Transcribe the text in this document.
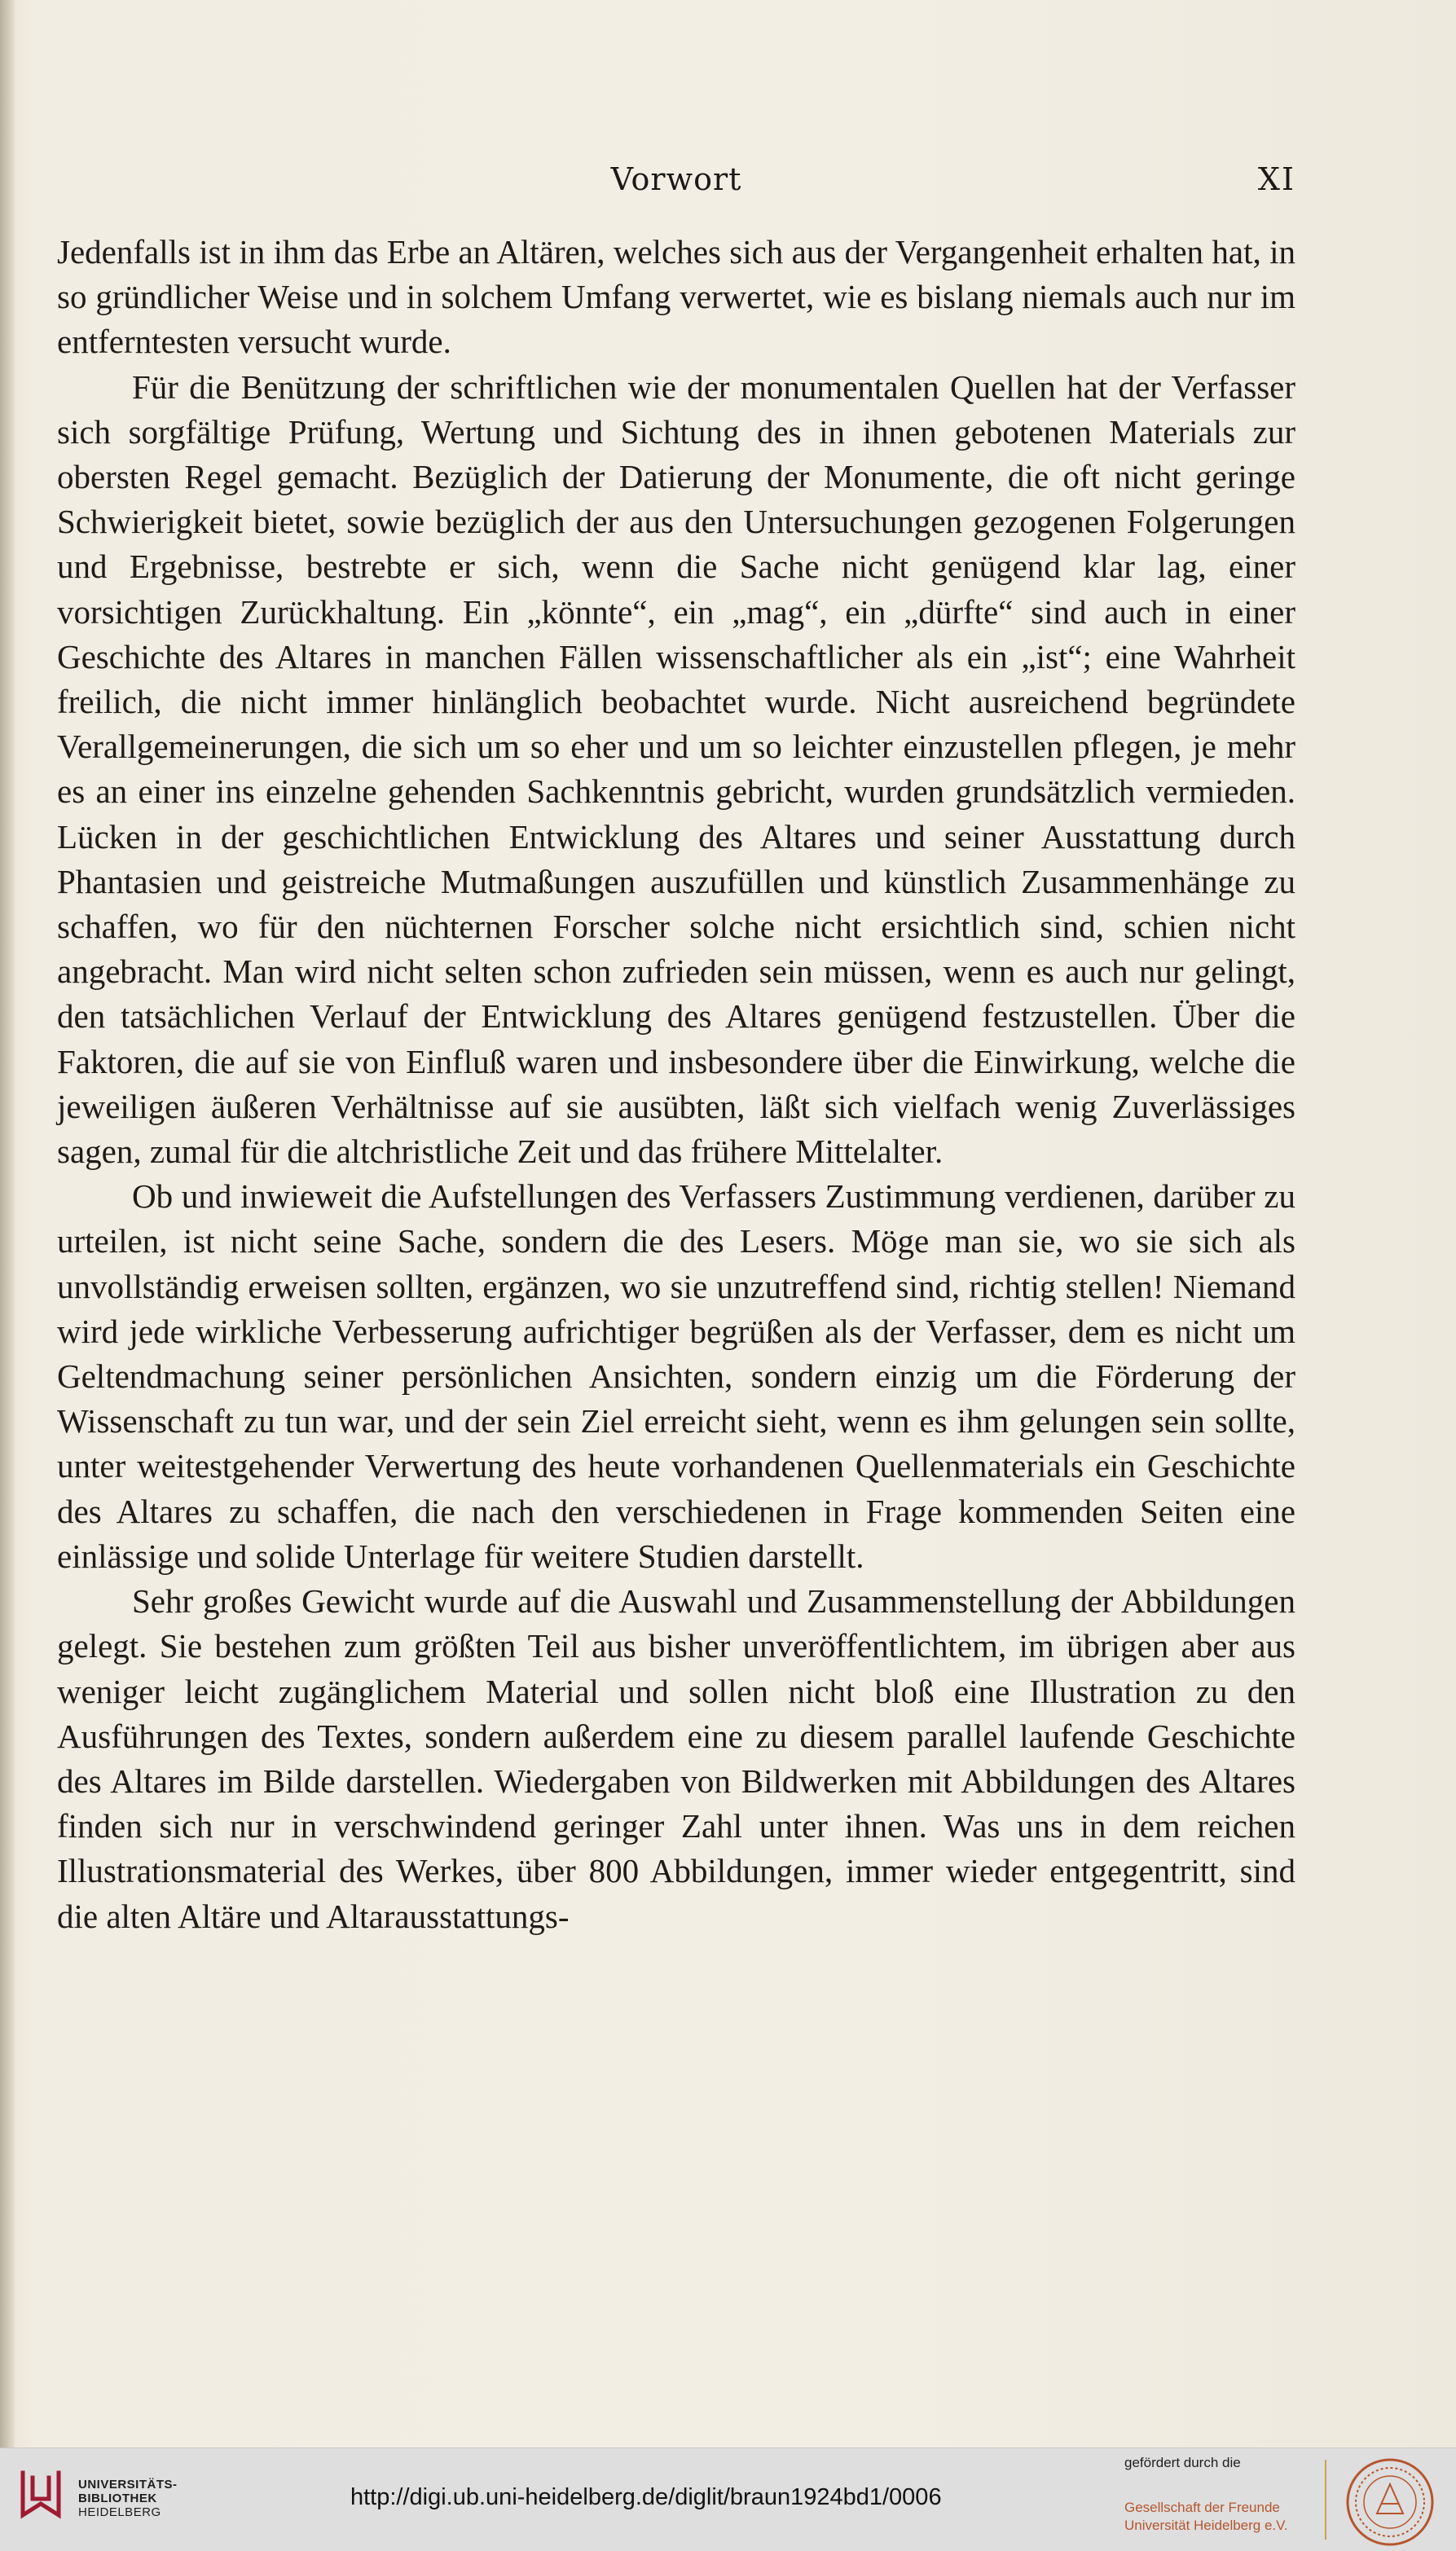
Vorwort	XI

Jedenfalls ist in ihm das Erbe an Altären, welches sich aus der Vergangenheit erhalten hat, in so gründlicher Weise und in solchem Umfang verwertet, wie es bislang niemals auch nur im entferntesten versucht wurde.

Für die Benützung der schriftlichen wie der monumentalen Quellen hat der Verfasser sich sorgfältige Prüfung, Wertung und Sichtung des in ihnen gebotenen Materials zur obersten Regel gemacht. Bezüglich der Datierung der Monumente, die oft nicht geringe Schwierigkeit bietet, sowie bezüglich der aus den Untersuchungen gezogenen Folgerungen und Ergebnisse, bestrebte er sich, wenn die Sache nicht genügend klar lag, einer vorsichtigen Zurückhaltung. Ein „könnte“, ein „mag“, ein „dürfte“ sind auch in einer Geschichte des Altares in manchen Fällen wissenschaftlicher als ein „ist“; eine Wahrheit freilich, die nicht immer hinlänglich beobachtet wurde. Nicht ausreichend begründete Verallgemeinerungen, die sich um so eher und um so leichter einzustellen pflegen, je mehr es an einer ins einzelne gehenden Sachkenntnis gebricht, wurden grundsätzlich vermieden. Lücken in der geschichtlichen Entwicklung des Altares und seiner Ausstattung durch Phantasien und geistreiche Mutmaßungen auszufüllen und künstlich Zusammenhänge zu schaffen, wo für den nüchternen Forscher solche nicht ersichtlich sind, schien nicht angebracht. Man wird nicht selten schon zufrieden sein müssen, wenn es auch nur gelingt, den tatsächlichen Verlauf der Entwicklung des Altares genügend festzustellen. Über die Faktoren, die auf sie von Einfluß waren und insbesondere über die Einwirkung, welche die jeweiligen äußeren Verhältnisse auf sie ausübten, läßt sich vielfach wenig Zuverlässiges sagen, zumal für die altchristliche Zeit und das frühere Mittelalter.

Ob und inwieweit die Aufstellungen des Verfassers Zustimmung verdienen, darüber zu urteilen, ist nicht seine Sache, sondern die des Lesers. Möge man sie, wo sie sich als unvollständig erweisen sollten, ergänzen, wo sie unzutreffend sind, richtig stellen! Niemand wird jede wirkliche Verbesserung aufrichtiger begrüßen als der Verfasser, dem es nicht um Geltendmachung seiner persönlichen Ansichten, sondern einzig um die Förderung der Wissenschaft zu tun war, und der sein Ziel erreicht sieht, wenn es ihm gelungen sein sollte, unter weitestgehender Verwertung des heute vorhandenen Quellenmaterials ein Geschichte des Altares zu schaffen, die nach den verschiedenen in Frage kommenden Seiten eine einlässige und solide Unterlage für weitere Studien darstellt.

Sehr großes Gewicht wurde auf die Auswahl und Zusammenstellung der Abbildungen gelegt. Sie bestehen zum größten Teil aus bisher unveröffentlichtem, im übrigen aber aus weniger leicht zugänglichem Material und sollen nicht bloß eine Illustration zu den Ausführungen des Textes, sondern außerdem eine zu diesem parallel laufende Geschichte des Altares im Bilde darstellen. Wiedergaben von Bildwerken mit Abbildungen des Altares finden sich nur in verschwindend geringer Zahl unter ihnen. Was uns in dem reichen Illustrationsmaterial des Werkes, über 800 Abbildungen, immer wieder entgegentritt, sind die alten Altäre und Altarausstattungs-

UNIVERSITÄTS-
BIBLIOTHEK
HEIDELBERG
http://digi.ub.uni-heidelberg.de/diglit/braun1924bd1/0006
gefördert durch die
Gesellschaft der Freunde
Universität Heidelberg e.V.
